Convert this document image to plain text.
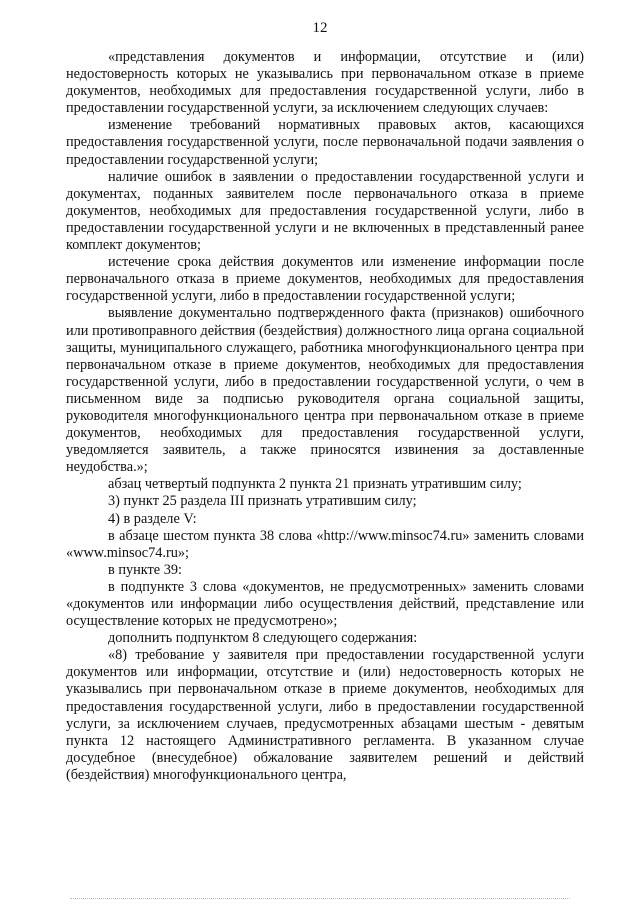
12

«представления документов и информации, отсутствие и (или) недостоверность которых не указывались при первоначальном отказе в приеме документов, необходимых для предоставления государственной услуги, либо в предоставлении государственной услуги, за исключением следующих случаев:

изменение требований нормативных правовых актов, касающихся предоставления государственной услуги, после первоначальной подачи заявления о предоставлении государственной услуги;

наличие ошибок в заявлении о предоставлении государственной услуги и документах, поданных заявителем после первоначального отказа в приеме документов, необходимых для предоставления государственной услуги, либо в предоставлении государственной услуги и не включенных в представленный ранее комплект документов;

истечение срока действия документов или изменение информации после первоначального отказа в приеме документов, необходимых для предоставления государственной услуги, либо в предоставлении государственной услуги;

выявление документально подтвержденного факта (признаков) ошибочного или противоправного действия (бездействия) должностного лица органа социальной защиты, муниципального служащего, работника многофункционального центра при первоначальном отказе в приеме документов, необходимых для предоставления государственной услуги, либо в предоставлении государственной услуги, о чем в письменном виде за подписью руководителя органа социальной защиты, руководителя многофункционального центра при первоначальном отказе в приеме документов, необходимых для предоставления государственной услуги, уведомляется заявитель, а также приносятся извинения за доставленные неудобства.»;

абзац четвертый подпункта 2 пункта 21 признать утратившим силу;

3) пункт 25 раздела III признать утратившим силу;

4) в разделе V:

в абзаце шестом пункта 38 слова «http://www.minsoc74.ru» заменить словами «www.minsoc74.ru»;

в пункте 39:

в подпункте 3 слова «документов, не предусмотренных» заменить словами «документов или информации либо осуществления действий, представление или осуществление которых не предусмотрено»;

дополнить подпунктом 8 следующего содержания:

«8) требование у заявителя при предоставлении государственной услуги документов или информации, отсутствие и (или) недостоверность которых не указывались при первоначальном отказе в приеме документов, необходимых для предоставления государственной услуги, либо в предоставлении государственной услуги, за исключением случаев, предусмотренных абзацами шестым - девятым пункта 12 настоящего Административного регламента. В указанном случае досудебное (внесудебное) обжалование заявителем решений и действий (бездействия) многофункционального центра,
